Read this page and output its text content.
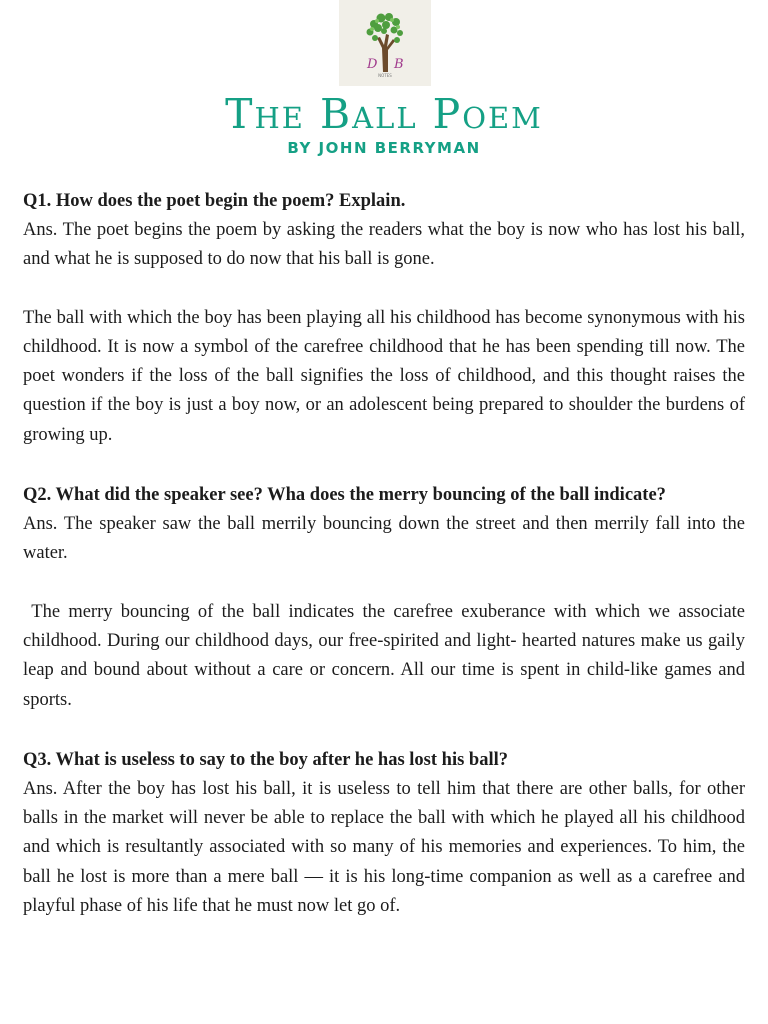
D B
NOTES
The Ball Poem
BY JOHN BERRYMAN

Q1. How does the poet begin the poem? Explain.

Ans. The poet begins the poem by asking the readers what the boy is now who has lost his ball, and what he is supposed to do now that his ball is gone.

The ball with which the boy has been playing all his childhood has become synonymous with his childhood. It is now a symbol of the carefree childhood that he has been spending till now. The poet wonders if the loss of the ball signifies the loss of childhood, and this thought raises the question if the boy is just a boy now, or an adolescent being prepared to shoulder the burdens of growing up.

Q2. What did the speaker see? Wha does the merry bouncing of the ball indicate?

Ans. The speaker saw the ball merrily bouncing down the street and then merrily fall into the water.

The merry bouncing of the ball indicates the carefree exuberance with which we associate childhood. During our childhood days, our free-spirited and light- hearted natures make us gaily leap and bound about without a care or concern. All our time is spent in child-like games and sports.

Q3. What is useless to say to the boy after he has lost his ball?

Ans. After the boy has lost his ball, it is useless to tell him that there are other balls, for other balls in the market will never be able to replace the ball with which he played all his childhood and which is resultantly associated with so many of his memories and experiences. To him, the ball he lost is more than a mere ball — it is his long-time companion as well as a carefree and playful phase of his life that he must now let go of.
